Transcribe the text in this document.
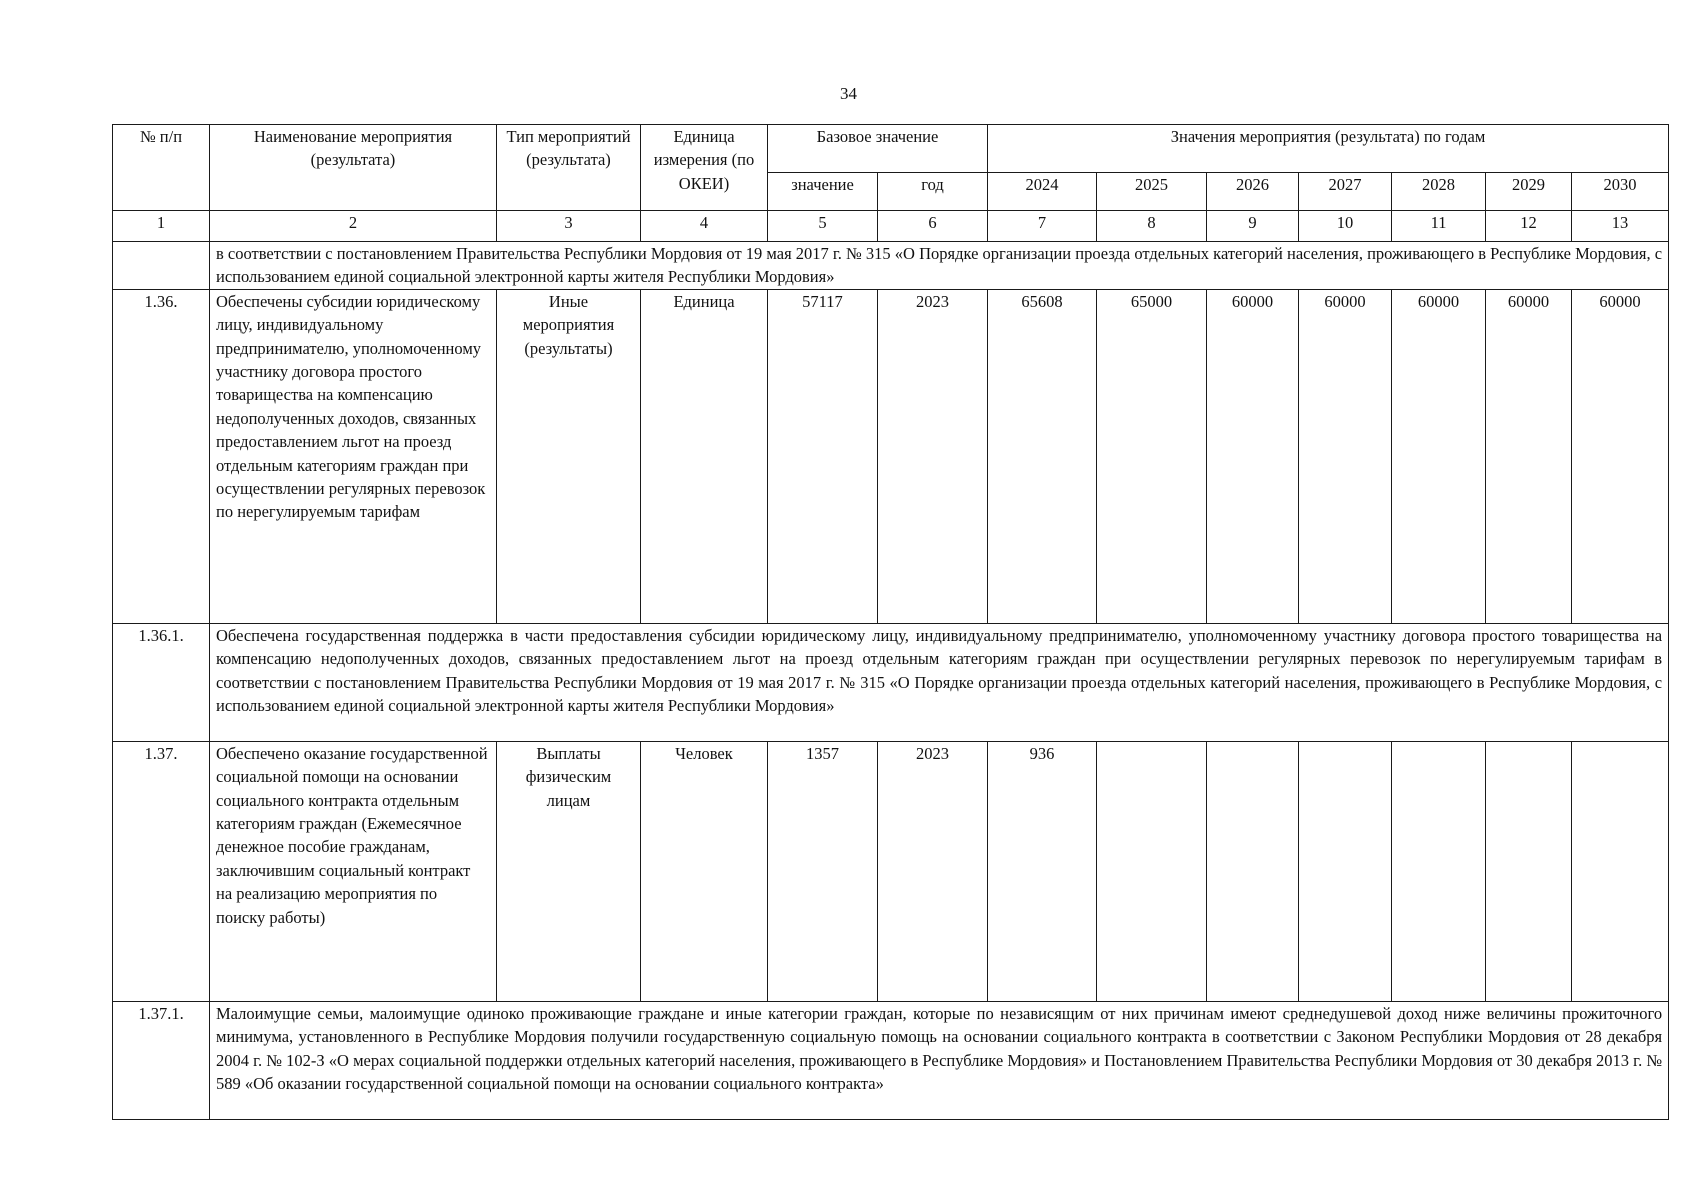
34
№ п/п	Наименование мероприятия (результата)	Тип мероприятий (результата)	Единица измерения (по ОКЕИ)	Базовое значение		Значения мероприятия (результата) по годам						
				значение	год	2024	2025	2026	2027	2028	2029	2030
1	2	3	4	5	6	7	8	9	10	11	12	13
	в соответствии с постановлением Правительства Республики Мордовия от 19 мая 2017 г. № 315 «О Порядке организации проезда отдельных категорий населения, проживающего в Республике Мордовия, с использованием единой социальной электронной карты жителя Республики Мордовия»											
1.36.	Обеспечены субсидии юридическому лицу, индивидуальному предпринимателю, уполномоченному участнику договора простого товарищества на компенсацию недополученных доходов, связанных предоставлением льгот на проезд отдельным категориям граждан при осуществлении регулярных перевозок по нерегулируемым тарифам	Иные мероприятия (результаты)	Единица	57117	2023	65608	65000	60000	60000	60000	60000	60000
1.36.1.	Обеспечена государственная поддержка в части предоставления субсидии юридическому лицу, индивидуальному предпринимателю, уполномоченному участнику договора простого товарищества на компенсацию недополученных доходов, связанных предоставлением льгот на проезд отдельным категориям граждан при осуществлении регулярных перевозок по нерегулируемым тарифам в соответствии с постановлением Правительства Республики Мордовия от 19 мая 2017 г. № 315 «О Порядке организации проезда отдельных категорий населения, проживающего в Республике Мордовия, с использованием единой социальной электронной карты жителя Республики Мордовия»											
1.37.	Обеспечено оказание государственной социальной помощи на основании социального контракта отдельным категориям граждан (Ежемесячное денежное пособие гражданам, заключившим социальный контракт на реализацию мероприятия по поиску работы)	Выплаты физическим лицам	Человек	1357	2023	936						
1.37.1.	Малоимущие семьи, малоимущие одиноко проживающие граждане и иные категории граждан, которые по независящим от них причинам имеют среднедушевой доход ниже величины прожиточного минимума, установленного в Республике Мордовия получили государственную социальную помощь на основании социального контракта в соответствии с Законом Республики Мордовия от 28 декабря 2004 г. № 102-З «О мерах социальной поддержки отдельных категорий населения, проживающего в Республике Мордовия» и Постановлением Правительства Республики Мордовия от 30 декабря 2013 г. № 589 «Об оказании государственной социальной помощи на основании социального контракта»											
